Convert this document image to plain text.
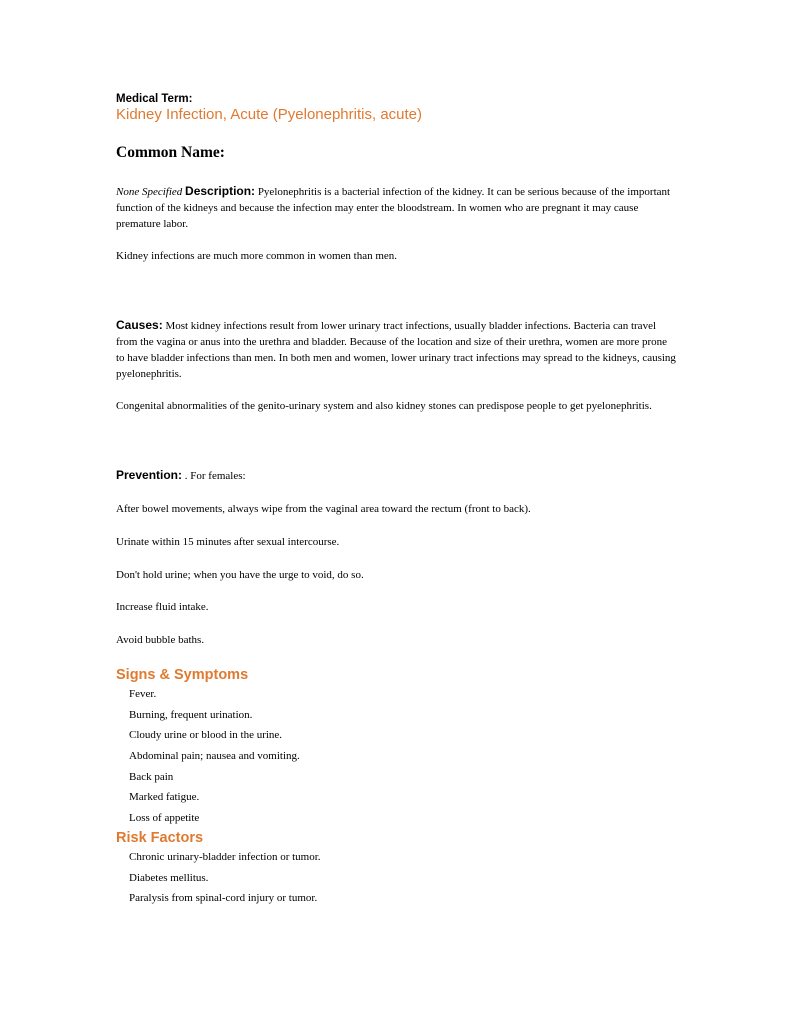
Medical Term:

Kidney Infection, Acute (Pyelonephritis, acute)

Common Name:

None Specified Description: Pyelonephritis is a bacterial infection of the kidney. It can be serious because of the important function of the kidneys and because the infection may enter the bloodstream. In women who are pregnant it may cause premature labor.

Kidney infections are much more common in women than men.

Causes: Most kidney infections result from lower urinary tract infections, usually bladder infections. Bacteria can travel from the vagina or anus into the urethra and bladder. Because of the location and size of their urethra, women are more prone to have bladder infections than men. In both men and women, lower urinary tract infections may spread to the kidneys, causing pyelonephritis.

Congenital abnormalities of the genito-urinary system and also kidney stones can predispose people to get pyelonephritis.

Prevention: . For females:

After bowel movements, always wipe from the vaginal area toward the rectum (front to back).

Urinate within 15 minutes after sexual intercourse.

Don't hold urine; when you have the urge to void, do so.

Increase fluid intake.

Avoid bubble baths.

Signs & Symptoms

Fever.
Burning, frequent urination.
Cloudy urine or blood in the urine.
Abdominal pain; nausea and vomiting.
Back pain
Marked fatigue.
Loss of appetite

Risk Factors

Chronic urinary-bladder infection or tumor.
Diabetes mellitus.
Paralysis from spinal-cord injury or tumor.
